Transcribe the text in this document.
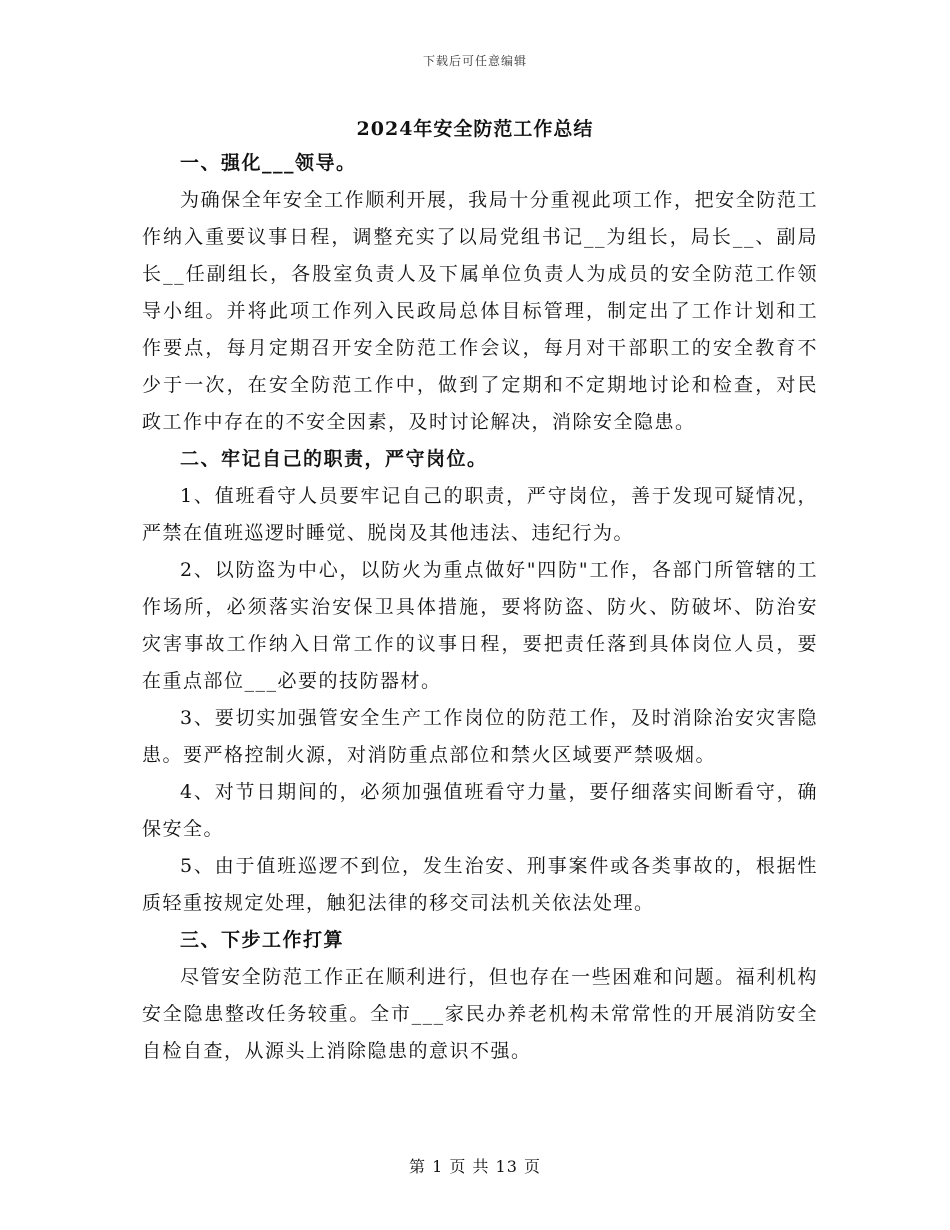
下载后可任意编辑
2024年安全防范工作总结

一、强化___领导。

为确保全年安全工作顺利开展，我局十分重视此项工作，把安全防范工作纳入重要议事日程，调整充实了以局党组书记__为组长，局长__、副局长__任副组长，各股室负责人及下属单位负责人为成员的安全防范工作领导小组。并将此项工作列入民政局总体目标管理，制定出了工作计划和工作要点，每月定期召开安全防范工作会议，每月对干部职工的安全教育不少于一次，在安全防范工作中，做到了定期和不定期地讨论和检查，对民政工作中存在的不安全因素，及时讨论解决，消除安全隐患。

二、牢记自己的职责，严守岗位。

1、值班看守人员要牢记自己的职责，严守岗位，善于发现可疑情况，严禁在值班巡逻时睡觉、脱岗及其他违法、违纪行为。

2、以防盗为中心，以防火为重点做好"四防"工作，各部门所管辖的工作场所，必须落实治安保卫具体措施，要将防盗、防火、防破坏、防治安灾害事故工作纳入日常工作的议事日程，要把责任落到具体岗位人员，要在重点部位___必要的技防器材。

3、要切实加强管安全生产工作岗位的防范工作，及时消除治安灾害隐患。要严格控制火源，对消防重点部位和禁火区域要严禁吸烟。

4、对节日期间的，必须加强值班看守力量，要仔细落实间断看守，确保安全。

5、由于值班巡逻不到位，发生治安、刑事案件或各类事故的，根据性质轻重按规定处理，触犯法律的移交司法机关依法处理。

三、下步工作打算

尽管安全防范工作正在顺利进行，但也存在一些困难和问题。福利机构安全隐患整改任务较重。全市___家民办养老机构未常常性的开展消防安全自检自查，从源头上消除隐患的意识不强。

第 1 页 共 13 页
